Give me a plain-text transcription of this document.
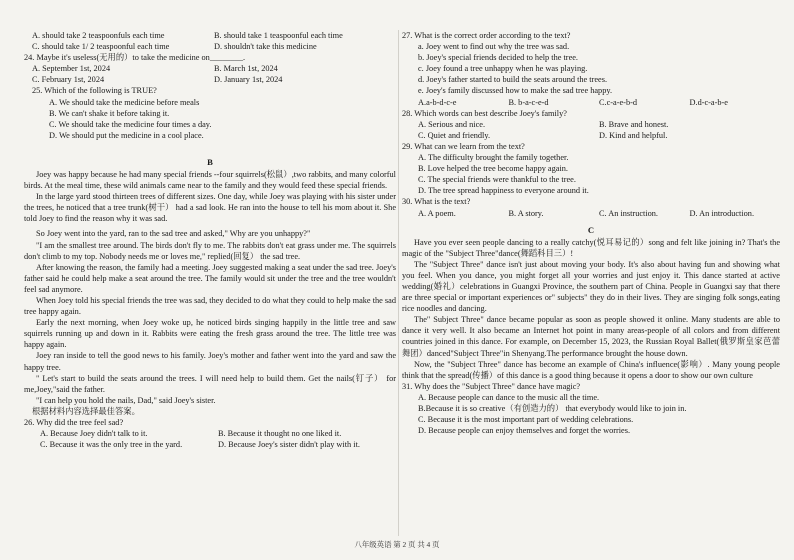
A. should take 2 teaspoonfuls each time	B. should take 1 teaspoonful each time
C. should take 1/ 2 teaspoonful each time	D. shouldn't take this medicine
24. Maybe it's useless(无用的）to take the medicine on________.
A. September 1st, 2024	B. March 1st, 2024
C. February 1st, 2024	D. January 1st, 2024
25. Which of the following is TRUE?
A. We should take the medicine before meals
B. We can't shake it before taking it.
C. We should take the medicine four times a day.
D. We should put the medicine in a cool place.
B

Joey was happy because he had many special friends --four squirrels(松鼠）,two rabbits, and many colorful birds. At the meal time, these wild animals came near to the family and they would feed these special friends.

In the large yard stood thirteen trees of different sizes. One day, while Joey was playing with his sister under the trees, he noticed that a tree trunk(树干） had a sad look. He ran into the house to tell his mom about it. She told Joey to find the reason why it was sad.

So Joey went into the yard, ran to the sad tree and asked," Why are you unhappy?"

"I am the smallest tree around. The birds don't fly to me. The rabbits don't eat grass under me. The squirrels don't climb to my top. Nobody needs me or loves me," replied(回复） the sad tree.

After knowing the reason, the family had a meeting. Joey suggested making a seat under the sad tree. Joey's father said he could help make a seat around the tree. The family would sit under the tree and the tree wouldn't feel sad anymore.

When Joey told his special friends the tree was sad, they decided to do what they could to help make the sad tree happy again.

Early the next morning, when Joey woke up, he noticed birds singing happily in the little tree and saw squirrels running up and down in it. Rabbits were eating the fresh grass around the tree. The little tree was happy again.

Joey ran inside to tell the good news to his family. Joey's mother and father went into the yard and saw the happy tree.

" Let's start to build the seats around the trees. I will need help to build them. Get the nails(钉子） for me,Joey,"said the father.

"I can help you hold the nails, Dad," said Joey's sister.

根据材料内容选择最佳答案。
26. Why did the tree feel sad?
A. Because Joey didn't talk to it.	B. Because it thought no one liked it.
C. Because it was the only tree in the yard.	D. Because Joey's sister didn't play with it.
27. What is the correct order according to the text?
a. Joey went to find out why the tree was sad.
b. Joey's special friends decided to help the tree.
c. Joey found a tree unhappy when he was playing.
d. Joey's father started to build the seats around the trees.
e. Joey's family discussed how to make the sad tree happy.
A.a-b-d-c-e	B. b-a-c-e-d	C.c-a-e-b-d	D.d-c-a-b-e
28. Which words can best describe Joey's family?
A. Serious and nice.	B. Brave and honest.
C. Quiet and friendly.	D. Kind and helpful.
29. What can we learn from the text?
A. The difficulty brought the family together.
B. Love helped the tree become happy again.
C. The special friends were thankful to the tree.
D. The tree spread happiness to everyone around it.
30. What is the text?
A. A poem.	B. A story.	C. An instruction.	D. An introduction.
C

Have you ever seen people dancing to a really catchy(悦耳易记的）song and felt like joining in? That's the magic of the "Subject Three"dance(舞蹈科目三）!

The "Subject Three" dance isn't just about moving your body. It's also about having fun and showing what you feel. When you dance, you might forget all your worries and just enjoy it. This dance started at active wedding(婚礼）celebrations in Guangxi Province, the southern part of China. People in Guangxi say that there are three special or important experiences or" subjects" they do in their lives. They are singing folk songs,eating rice noodles and dancing.

The" Subject Three" dance became popular as soon as people showed it online. Many students are able to dance it very well. It also became an Internet hot point in many areas-people of all colors and from different countries joined in this dance. For example, on December 15, 2023, the Russian Royal Ballet(俄罗斯皇家芭蕾舞团）danced"Subject Three"in Shenyang.The performance brought the house down.

Now, the "Subject Three" dance has become an example of China's influence(影响）. Many young people think that the spread(传播）of this dance is a good thing because it opens a door to show our own culture

31. Why does the "Subject Three" dance have magic?
A. Because people can dance to the music all the time.
B.Because it is so creative（有创造力的） that everybody would like to join in.
C. Because it is the most important part of wedding celebrations.
D. Because people can enjoy themselves and forget the worries.
八年级英语 第 2 页 共 4 页
